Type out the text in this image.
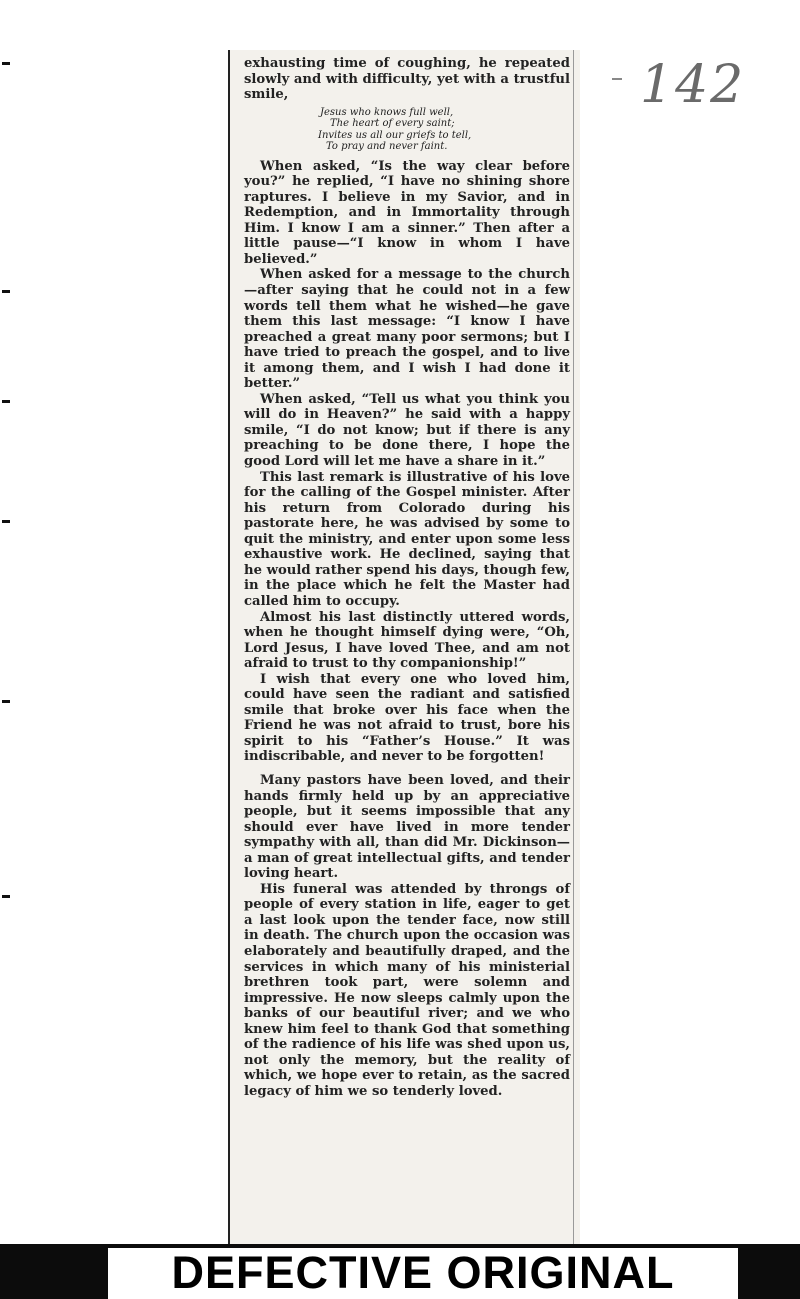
142

exhausting time of coughing, he repeated slowly and with difficulty, yet with a trustful smile,

Jesus who knows full well,
The heart of every saint;
Invites us all our griefs to tell,
To pray and never faint.

When asked, “Is the way clear before you?” he replied, “I have no shining shore raptures. I believe in my Savior, and in Redemption, and in Immortality through Him. I know I am a sinner.” Then after a little pause—“I know in whom I have believed.”

When asked for a message to the church—after saying that he could not in a few words tell them what he wished—he gave them this last message: “I know I have preached a great many poor sermons; but I have tried to preach the gospel, and to live it among them, and I wish I had done it better.”

When asked, “Tell us what you think you will do in Heaven?” he said with a happy smile, “I do not know; but if there is any preaching to be done there, I hope the good Lord will let me have a share in it.”

This last remark is illustrative of his love for the calling of the Gospel minister. After his return from Colorado during his pastorate here, he was advised by some to quit the ministry, and enter upon some less exhaustive work. He declined, saying that he would rather spend his days, though few, in the place which he felt the Master had called him to occupy.

Almost his last distinctly uttered words, when he thought himself dying were, “Oh, Lord Jesus, I have loved Thee, and am not afraid to trust to thy companionship!”

I wish that every one who loved him, could have seen the radiant and satisfied smile that broke over his face when the Friend he was not afraid to trust, bore his spirit to his “Father’s House.” It was indiscribable, and never to be forgotten!

Many pastors have been loved, and their hands firmly held up by an appreciative people, but it seems impossible that any should ever have lived in more tender sympathy with all, than did Mr. Dickinson—a man of great intellectual gifts, and tender loving heart.

His funeral was attended by throngs of people of every station in life, eager to get a last look upon the tender face, now still in death. The church upon the occasion was elaborately and beautifully draped, and the services in which many of his ministerial brethren took part, were solemn and impressive. He now sleeps calmly upon the banks of our beautiful river; and we who knew him feel to thank God that something of the radience of his life was shed upon us, not only the memory, but the reality of which, we hope ever to retain, as the sacred legacy of him we so tenderly loved.

DEFECTIVE ORIGINAL
